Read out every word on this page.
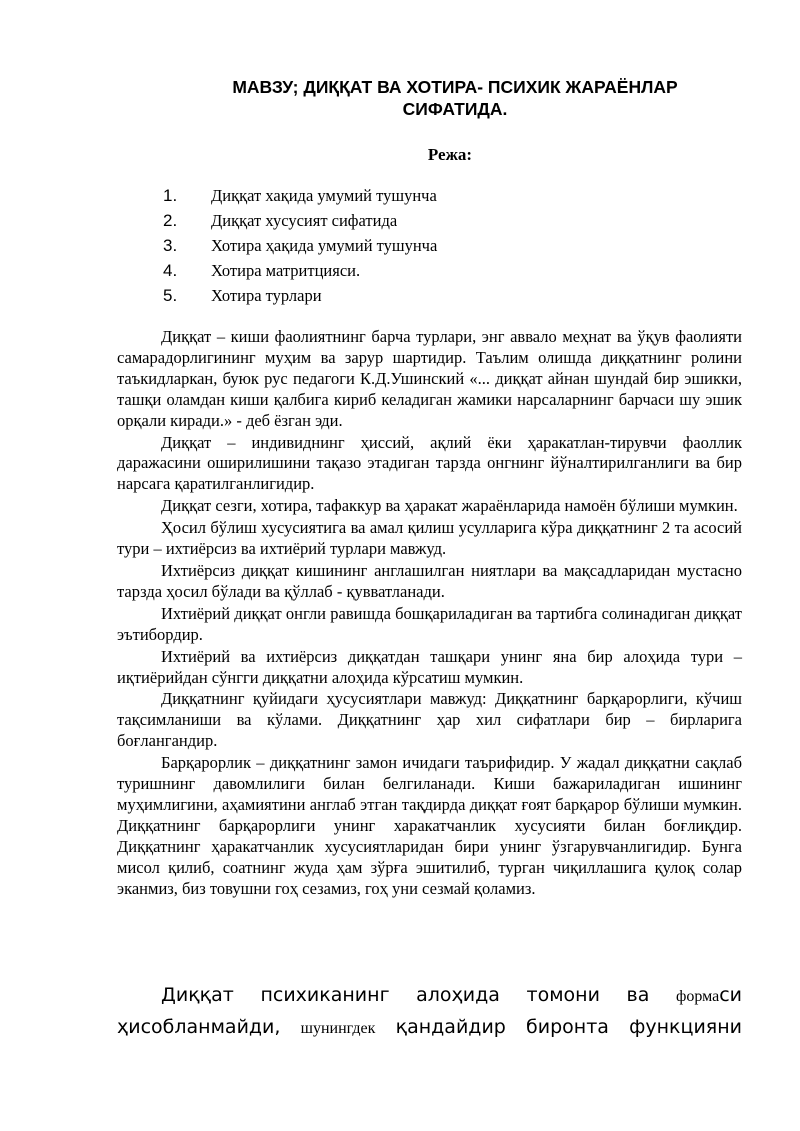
МАВЗУ; ДИҚҚАТ ВА ХОТИРА- ПСИХИК ЖАРАЁНЛАР СИФАТИДА.
Режа:
1.	Диққат хақида умумий тушунча
2.	Диққат хусусият сифатида
3.	Хотира ҳақида умумий тушунча
4.	Хотира матритцияси.
5.	Хотира турлари

Диққат – киши фаолиятнинг барча турлари, энг аввало меҳнат ва ўқув фаолияти самарадорлигининг муҳим ва зарур шартидир. Таълим олишда диққатнинг ролини таъкидларкан, буюк рус педагоги К.Д.Ушинский «... диққат айнан шундай бир эшикки, ташқи оламдан киши қалбига кириб келадиган жамики нарсаларнинг барчаси шу эшик орқали киради.» - деб ёзган эди.

Диққат – индивиднинг ҳиссий, ақлий ёки ҳаракатлан-тирувчи фаоллик даражасини оширилишини тақазо этадиган тарзда онгнинг йўналтирилганлиги ва бир нарсага қаратилганлигидир.

Диққат сезги, хотира, тафаккур ва ҳаракат жараёнларида намоён бўлиши мумкин.

Ҳосил бўлиш хусусиятига ва амал қилиш усулларига кўра диққатнинг 2 та асосий тури – ихтиёрсиз ва ихтиёрий турлари мавжуд.

Ихтиёрсиз диққат кишининг англашилган ниятлари ва мақсадларидан мустасно тарзда ҳосил бўлади ва қўллаб - қувватланади.

Ихтиёрий диққат онгли равишда бошқариладиган ва тартибга солинадиган диққат эътибордир.

Ихтиёрий ва ихтиёрсиз диққатдан ташқари унинг яна бир алоҳида тури – иқтиёрийдан сўнгги диққатни алоҳида кўрсатиш мумкин.

Диққатнинг қуйидаги ҳусусиятлари мавжуд: Диққатнинг барқарорлиги, кўчиш тақсимланиши ва кўлами. Диққатнинг ҳар хил сифатлари бир – бирларига боғлангандир.

Барқарорлик – диққатнинг замон ичидаги таърифидир. У жадал диққатни сақлаб туришнинг давомлилиги билан белгиланади. Киши бажариладиган ишининг муҳимлигини, аҳамиятини англаб этган тақдирда диққат ғоят барқарор бўлиши мумкин. Диққатнинг барқарорлиги унинг харакатчанлик хусусияти билан боғлиқдир. Диққатнинг ҳаракатчанлик хусусиятларидан бири унинг ўзгарувчанлигидир. Бунга мисол қилиб, соатнинг жуда ҳам зўрға эшитилиб, турган чиқиллашига қулоқ солар эканмиз, биз товушни гоҳ сезамиз, гоҳ уни сезмай қоламиз.

Диққат психиканинг алоҳида томони ва формаси ҳисобланмайди, шунингдек қандайдир биронта функцияни
